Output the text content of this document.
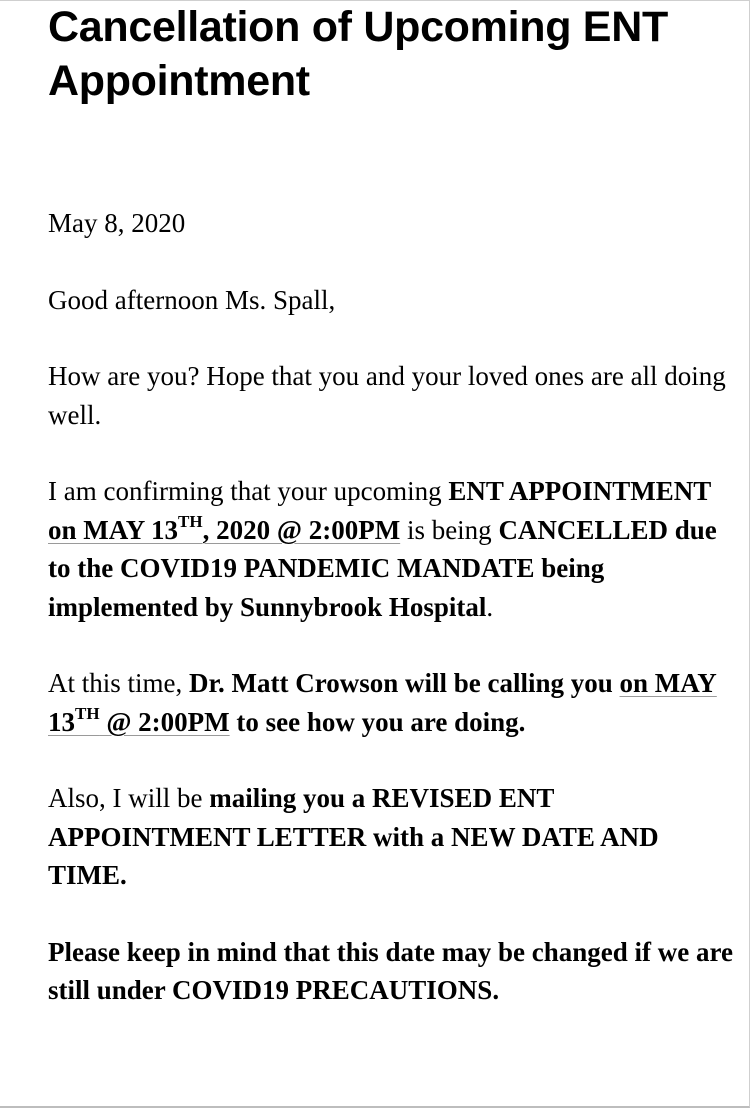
Cancellation of Upcoming ENT Appointment

May 8, 2020

Good afternoon Ms. Spall,

How are you? Hope that you and your loved ones are all doing well.

I am confirming that your upcoming ENT APPOINTMENT on MAY 13TH, 2020 @ 2:00PM is being CANCELLED due to the COVID19 PANDEMIC MANDATE being implemented by Sunnybrook Hospital.

At this time, Dr. Matt Crowson will be calling you on MAY 13TH @ 2:00PM to see how you are doing.

Also, I will be mailing you a REVISED ENT APPOINTMENT LETTER with a NEW DATE AND TIME.

Please keep in mind that this date may be changed if we are still under COVID19 PRECAUTIONS.
